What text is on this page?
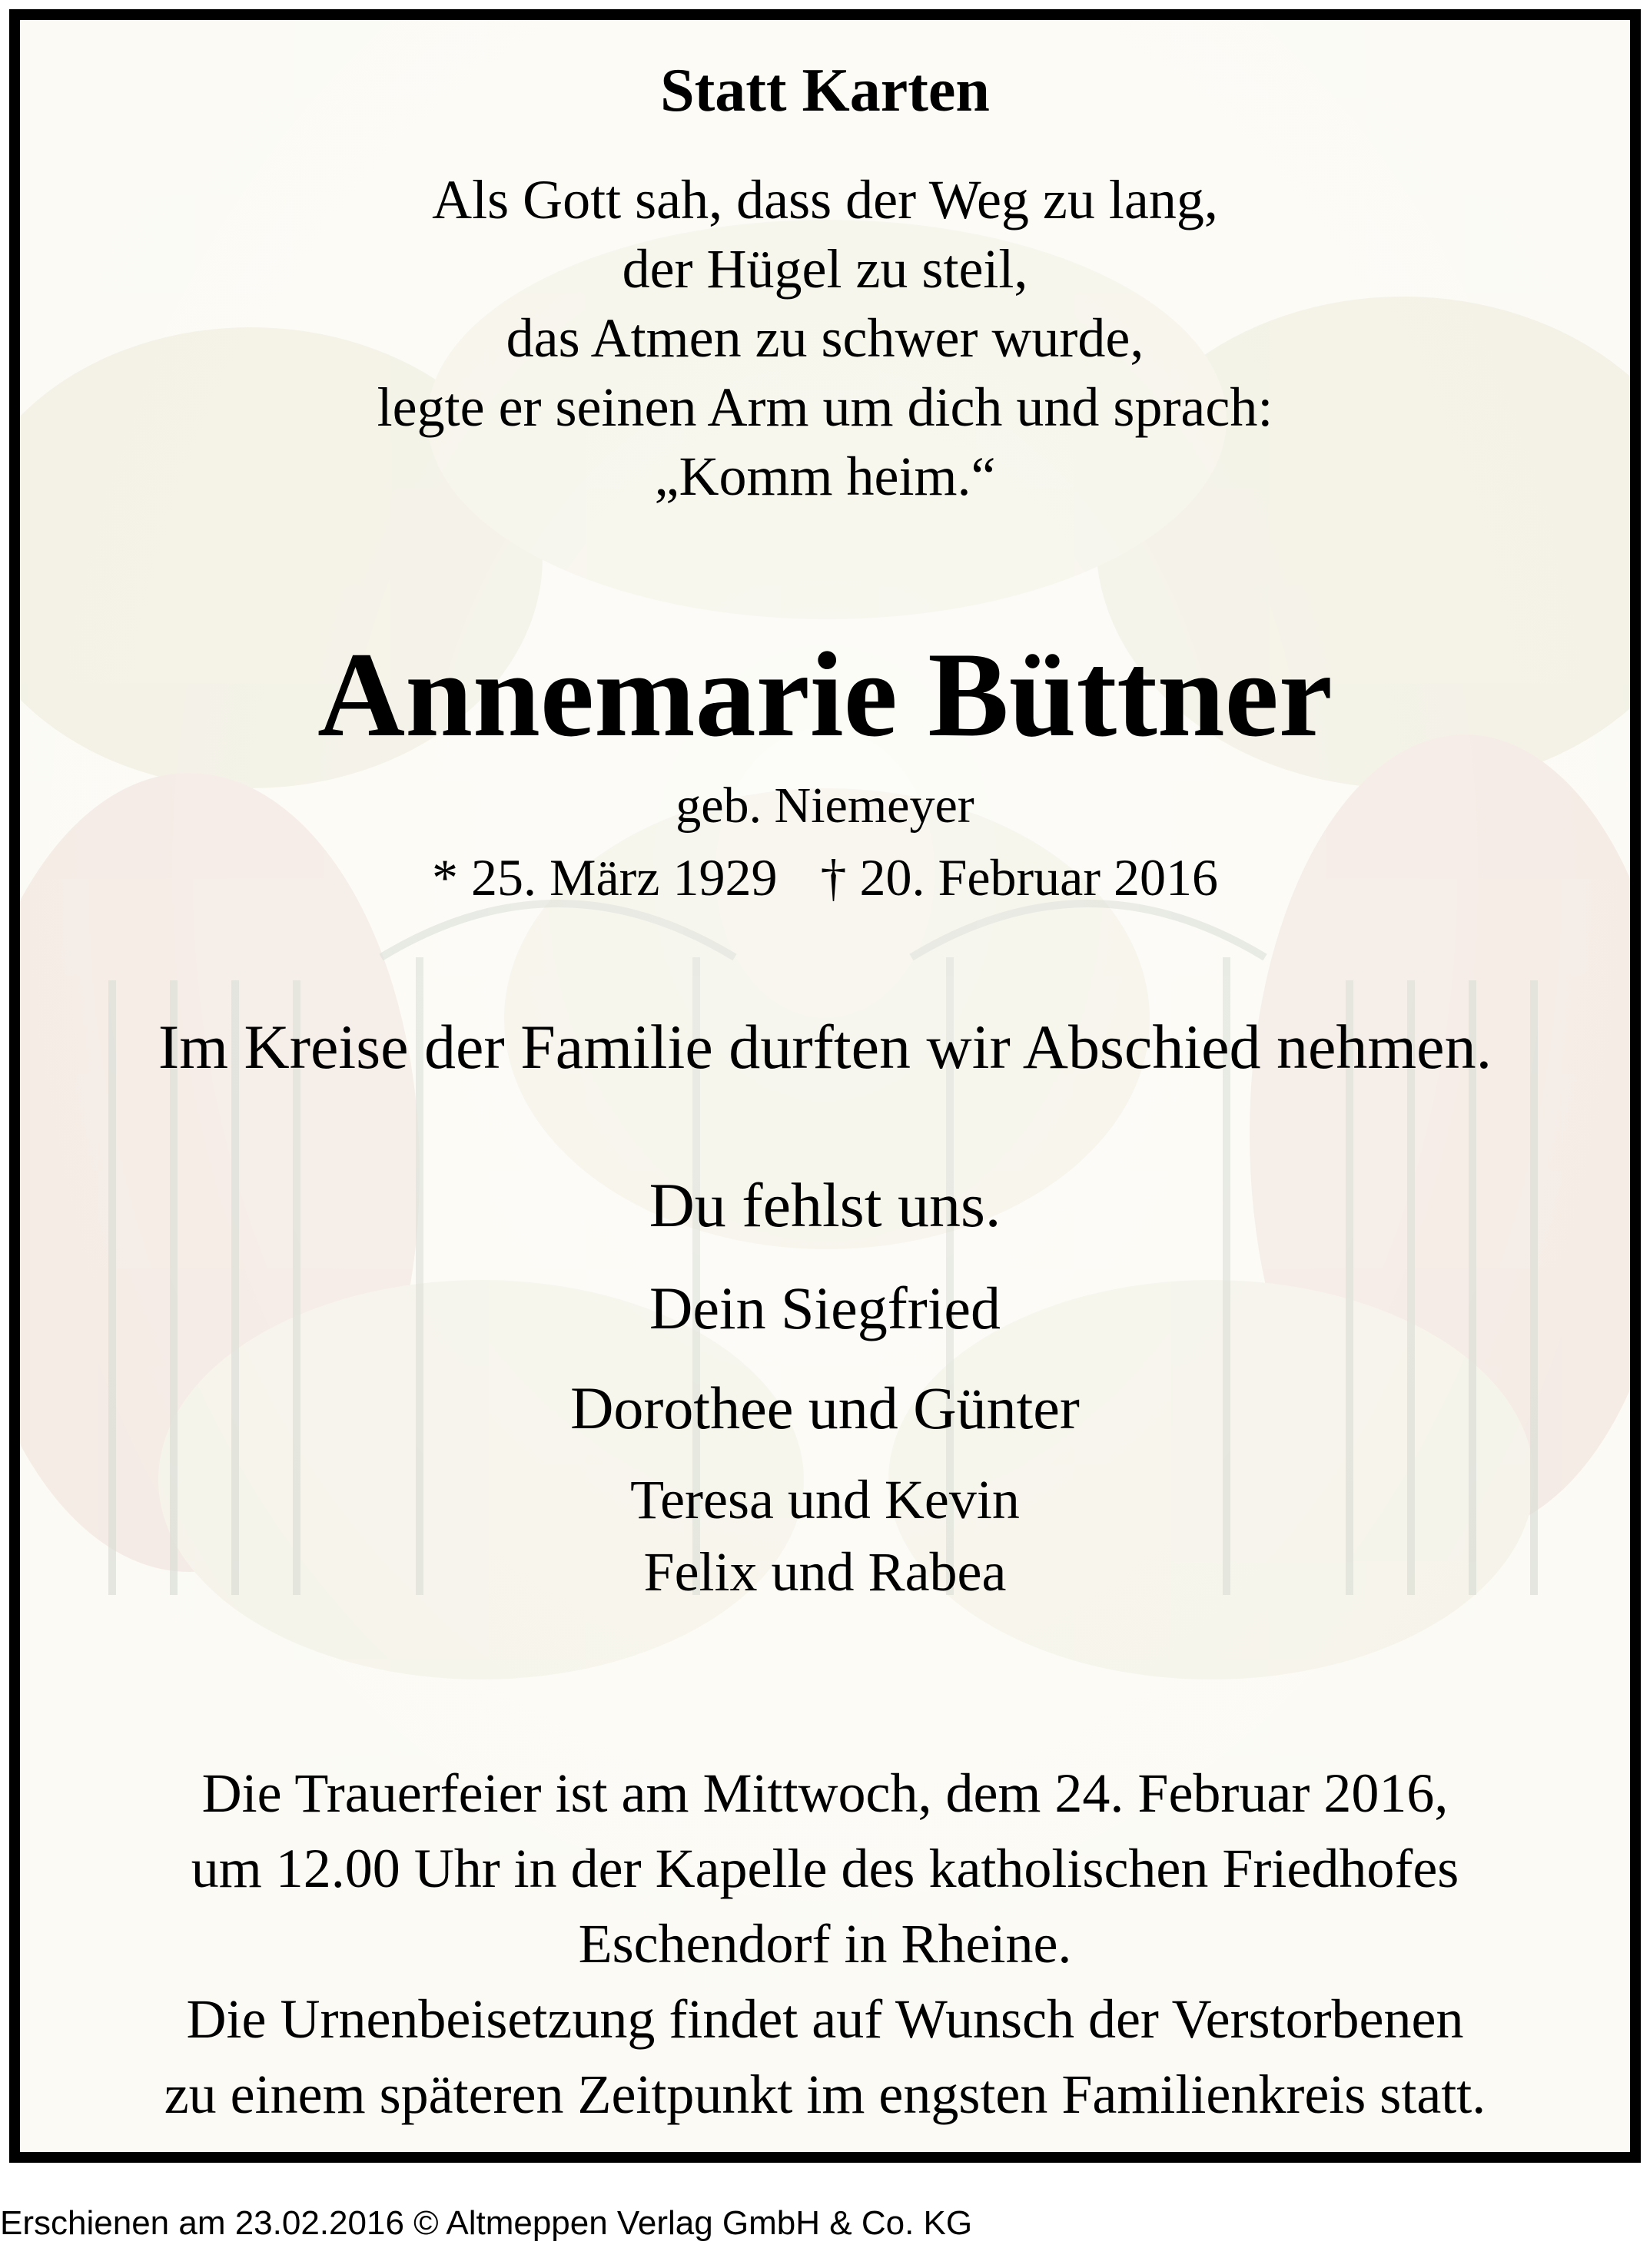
Statt Karten
Als Gott sah, dass der Weg zu lang,
der Hügel zu steil,
das Atmen zu schwer wurde,
legte er seinen Arm um dich und sprach:
„Komm heim.“
Annemarie Büttner
geb. Niemeyer
* 25. März 1929 † 20. Februar 2016
Im Kreise der Familie durften wir Abschied nehmen.
Du fehlst uns.
Dein Siegfried
Dorothee und Günter
Teresa und Kevin
Felix und Rabea
Die Trauerfeier ist am Mittwoch, dem 24. Februar 2016,
um 12.00 Uhr in der Kapelle des katholischen Friedhofes
Eschendorf in Rheine.
Die Urnenbeisetzung findet auf Wunsch der Verstorbenen
zu einem späteren Zeitpunkt im engsten Familienkreis statt.
Erschienen am 23.02.2016 © Altmeppen Verlag GmbH & Co. KG
